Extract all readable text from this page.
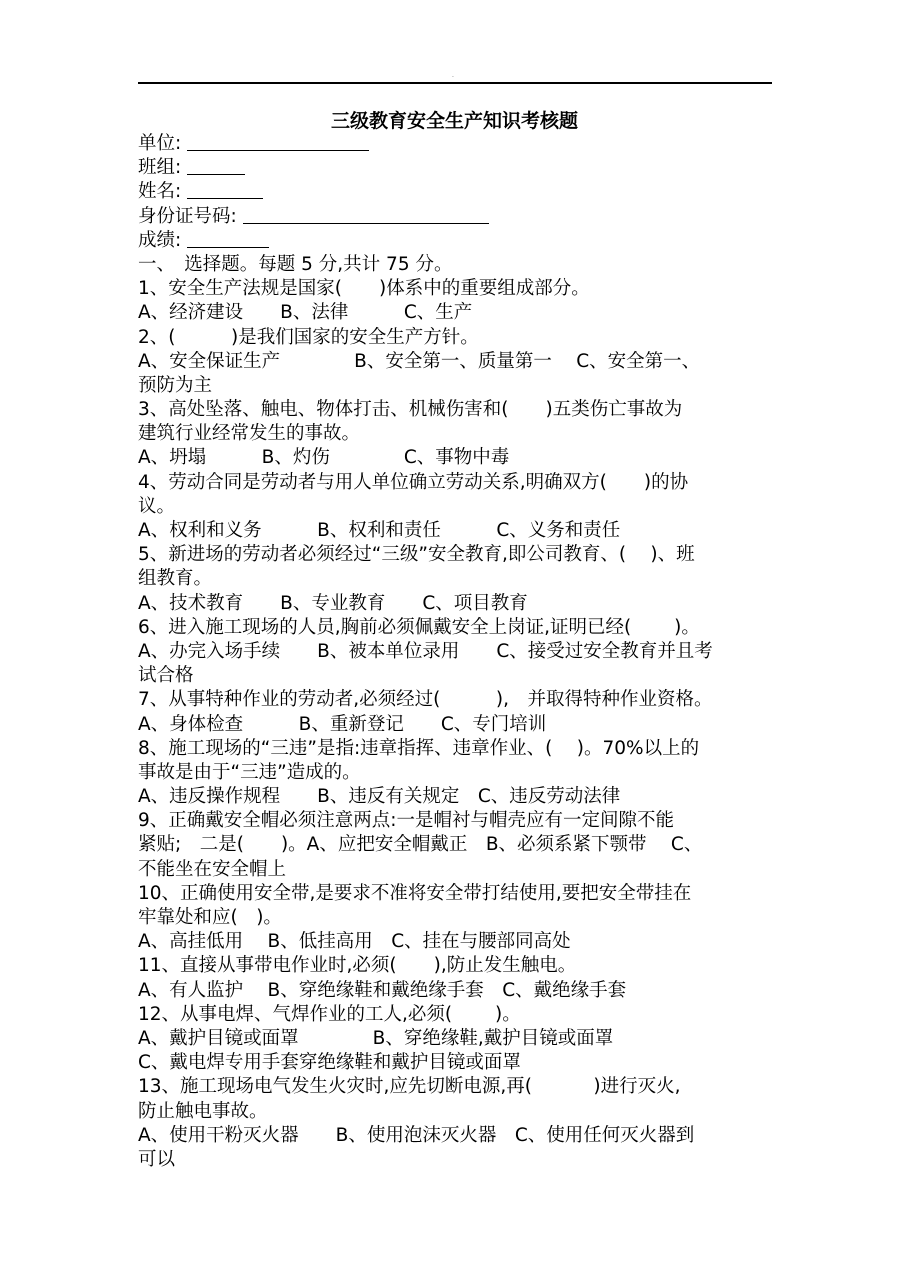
.
三级教育安全生产知识考核题
单位:
班组:
姓名:
身份证号码:
成绩:
一、　选择题。每题 5 分,共计 75 分。
1、安全生产法规是国家(　　)体系中的重要组成部分。
A、经济建设　　B、法律　　　C、生产
2、(　　　)是我们国家的安全生产方针。
A、安全保证生产　　　　B、安全第一、质量第一　 C、安全第一、
预防为主
3、高处坠落、触电、物体打击、机械伤害和(　　)五类伤亡事故为
建筑行业经常发生的事故。
A、坍塌　　　B、灼伤　　　　C、事物中毒
4、劳动合同是劳动者与用人单位确立劳动关系,明确双方(　　)的协
议。
A、权利和义务　　　B、权利和责任　　　C、义务和责任
5、新进场的劳动者必须经过“三级”安全教育,即公司教育、(　 )、班
组教育。
A、技术教育　　B、专业教育　　C、项目教育
6、进入施工现场的人员,胸前必须佩戴安全上岗证,证明已经(　　 )。
A、办完入场手续　　B、被本单位录用　　C、接受过安全教育并且考
试合格
7、从事特种作业的劳动者,必须经过(　　　),　并取得特种作业资格。
A、身体检查　　　B、重新登记　　C、专门培训
8、施工现场的“三违”是指:违章指挥、违章作业、(　 )。70%以上的
事故是由于“三违”造成的。
A、违反操作规程　　B、违反有关规定　C、违反劳动法律
9、正确戴安全帽必须注意两点:一是帽衬与帽壳应有一定间隙不能
紧贴;　二是(　　)。A、应把安全帽戴正　B、必须系紧下颚带　 C、
不能坐在安全帽上
10、正确使用安全带,是要求不准将安全带打结使用,要把安全带挂在
牢靠处和应(　)。
A、高挂低用　 B、低挂高用　C、挂在与腰部同高处
11、直接从事带电作业时,必须(　　),防止发生触电。
A、有人监护　 B、穿绝缘鞋和戴绝缘手套　C、戴绝缘手套
12、从事电焊、气焊作业的工人,必须(　　 )。
A、戴护目镜或面罩　　　　B、穿绝缘鞋,戴护目镜或面罩
C、戴电焊专用手套穿绝缘鞋和戴护目镜或面罩
13、施工现场电气发生火灾时,应先切断电源,再(　　　 )进行灭火,
防止触电事故。
A、使用干粉灭火器　　B、使用泡沫灭火器　C、使用任何灭火器到
可以
